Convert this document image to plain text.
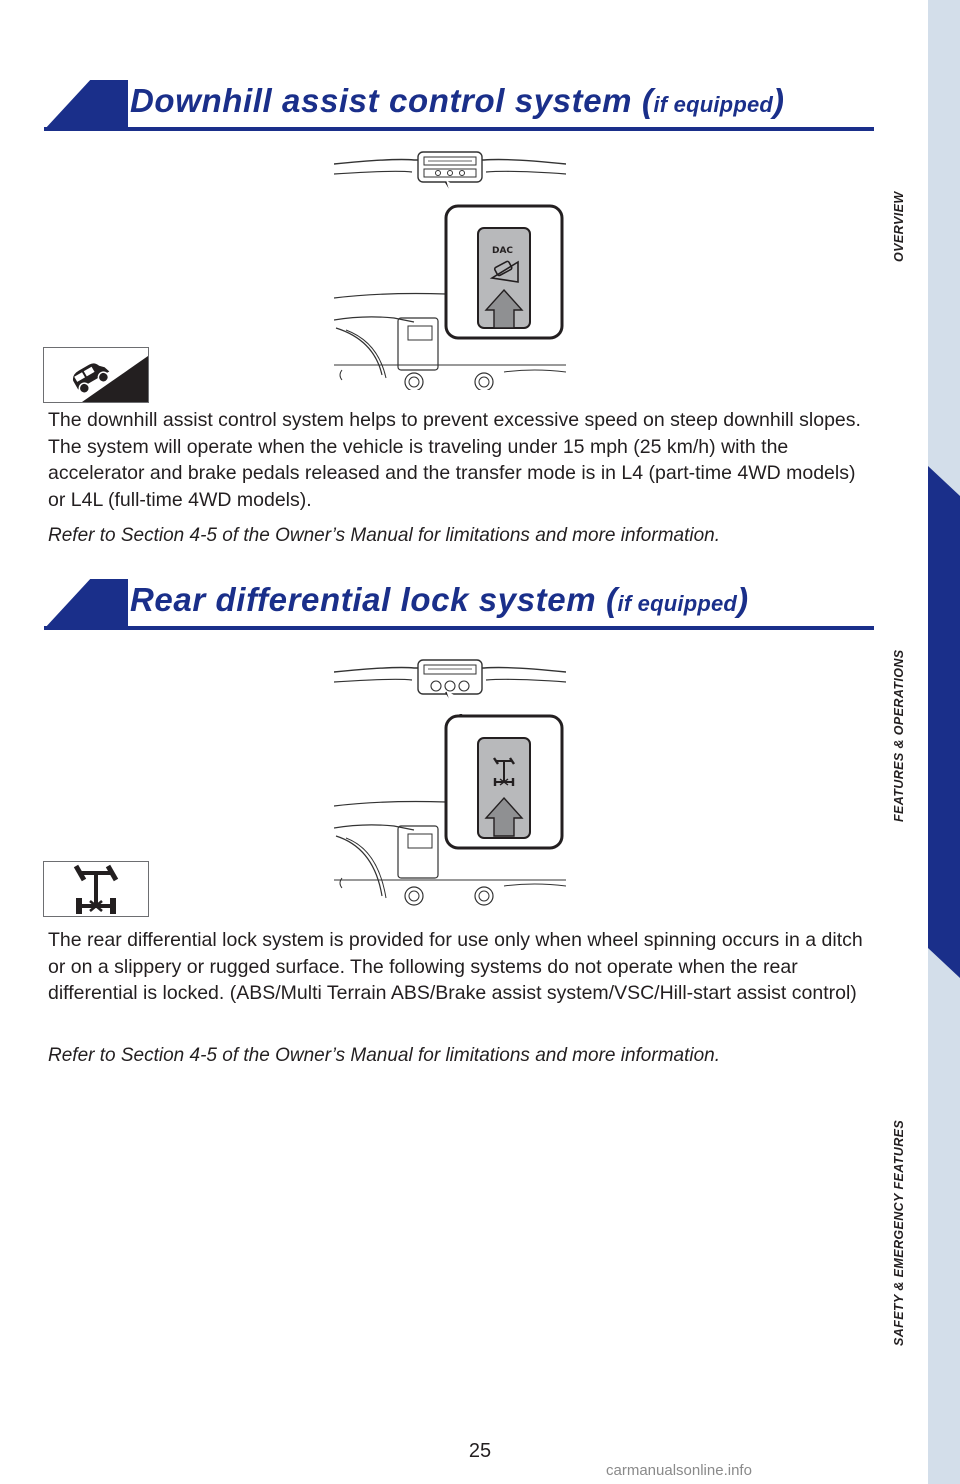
Downhill assist control system (if equipped)
DAC
The downhill assist control system helps to prevent excessive speed on steep downhill slopes. The system will operate when the vehicle is traveling under 15 mph (25 km/h) with the accelerator and brake pedals released and the transfer mode is in L4 (part-time 4WD models) or L4L (full-time 4WD models).
Refer to Section 4-5 of the Owner’s Manual for limitations and more information.
Rear differential lock system (if equipped)
The rear differential lock system is provided for use only when wheel spinning occurs in a ditch or on a slippery or rugged surface. The following systems do not operate when the rear differential is locked. (ABS/Multi Terrain ABS/Brake assist system/VSC/Hill-start assist control)
Refer to Section 4-5 of the Owner’s Manual for limitations and more information.
OVERVIEW
FEATURES & OPERATIONS
SAFETY & EMERGENCY FEATURES
25
carmanualsonline.info
